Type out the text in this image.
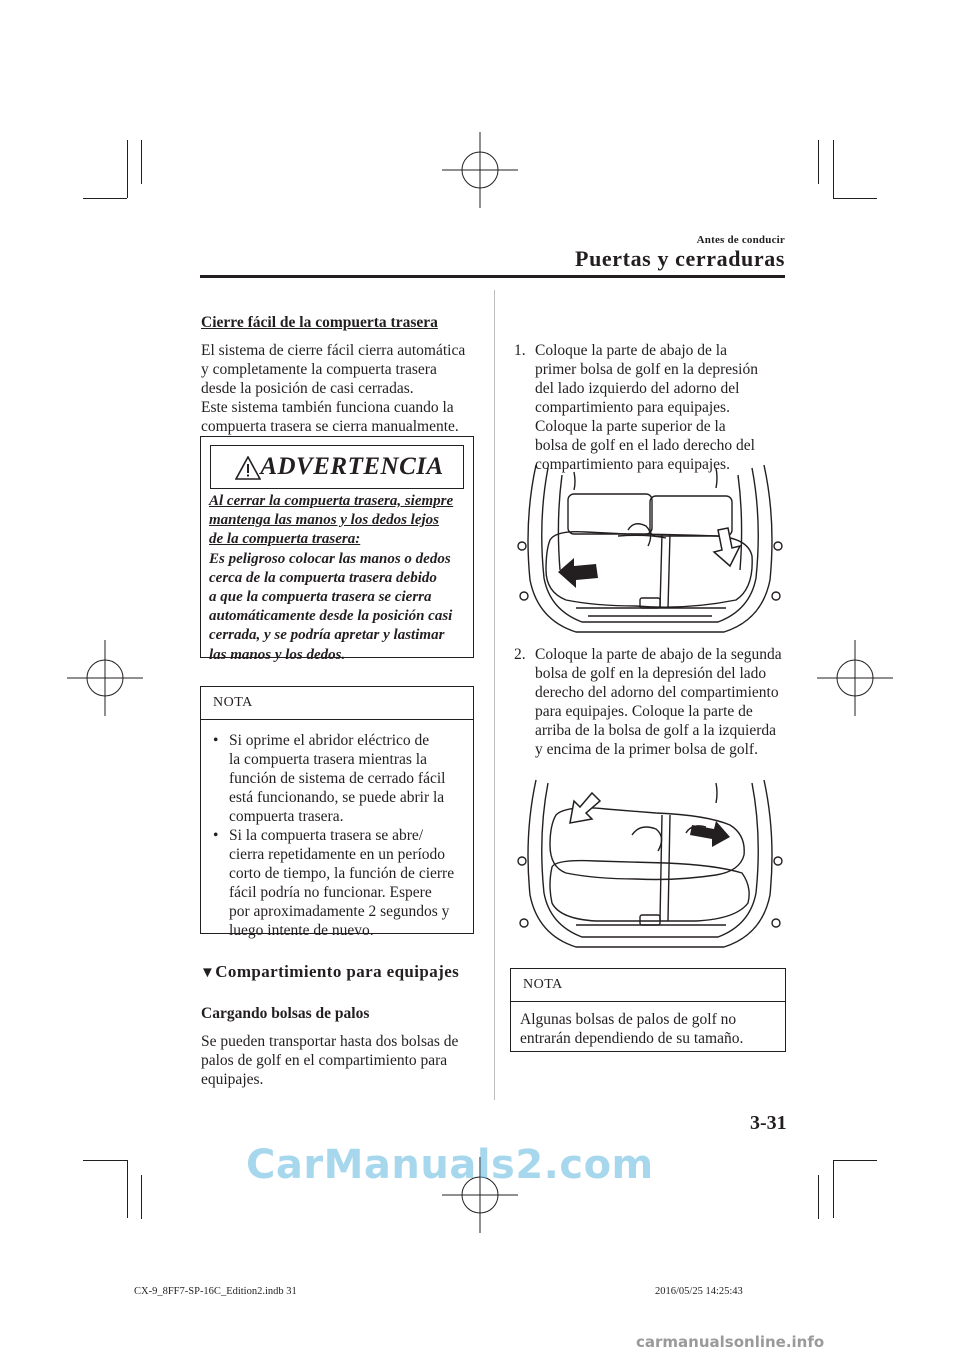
Antes de conducir
Puertas y cerraduras
Cierre fácil de la compuerta trasera

El sistema de cierre fácil cierra automática

y completamente la compuerta trasera

desde la posición de casi cerradas.

Este sistema también funciona cuando la

compuerta trasera se cierra manualmente.

ADVERTENCIA

Al cerrar la compuerta trasera, siempre

mantenga las manos y los dedos lejos

de la compuerta trasera:

Es peligroso colocar las manos o dedos

cerca de la compuerta trasera debido

a que la compuerta trasera se cierra

automáticamente desde la posición casi

cerrada, y se podría apretar y lastimar

las manos y los dedos.

NOTA
• Si oprime el abridor eléctrico de

la compuerta trasera mientras la

función de sistema de cerrado fácil

está funcionando, se puede abrir la

compuerta trasera.

• Si la compuerta trasera se abre/

cierra repetidamente en un período

corto de tiempo, la función de cierre

fácil podría no funcionar. Espere

por aproximadamente 2 segundos y

luego intente de nuevo.

▼Compartimiento para equipajes
Cargando bolsas de palos

Se pueden transportar hasta dos bolsas de

palos de golf en el compartimiento para

equipajes.

1. Coloque la parte de abajo de la

primer bolsa de golf en la depresión

del lado izquierdo del adorno del

compartimiento para equipajes.

Coloque la parte superior de la

bolsa de golf en el lado derecho del

compartimiento para equipajes.

2. Coloque la parte de abajo de la segunda

bolsa de golf en la depresión del lado

derecho del adorno del compartimiento

para equipajes. Coloque la parte de

arriba de la bolsa de golf a la izquierda

y encima de la primer bolsa de golf.

NOTA

Algunas bolsas de palos de golf no

entrarán dependiendo de su tamaño.

3-31
CX-9_8FF7-SP-16C_Edition2.indb 31	2016/05/25 14:25:43
CarManuals2.com
carmanualsonline.info
